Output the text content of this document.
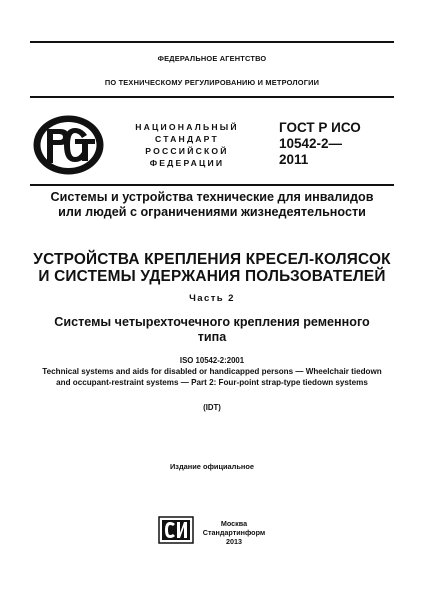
ФЕДЕРАЛЬНОЕ АГЕНТСТВО
ПО ТЕХНИЧЕСКОМУ РЕГУЛИРОВАНИЮ И МЕТРОЛОГИИ
НАЦИОНАЛЬНЫЙ
СТАНДАРТ
РОССИЙСКОЙ
ФЕДЕРАЦИИ
ГОСТ Р ИСО
10542-2—
2011
Системы и устройства технические для инвалидов
или людей с ограничениями жизнедеятельности
УСТРОЙСТВА КРЕПЛЕНИЯ КРЕСЕЛ-КОЛЯСОК
И СИСТЕМЫ УДЕРЖАНИЯ ПОЛЬЗОВАТЕЛЕЙ
Часть 2
Системы четырехточечного крепления ременного
типа
ISO 10542-2:2001
Technical systems and aids for disabled or handicapped persons — Wheelchair tiedown and occupant-restraint systems — Part 2: Four-point strap-type tiedown systems
(IDT)
Издание официальное
Москва
Стандартинформ
2013
